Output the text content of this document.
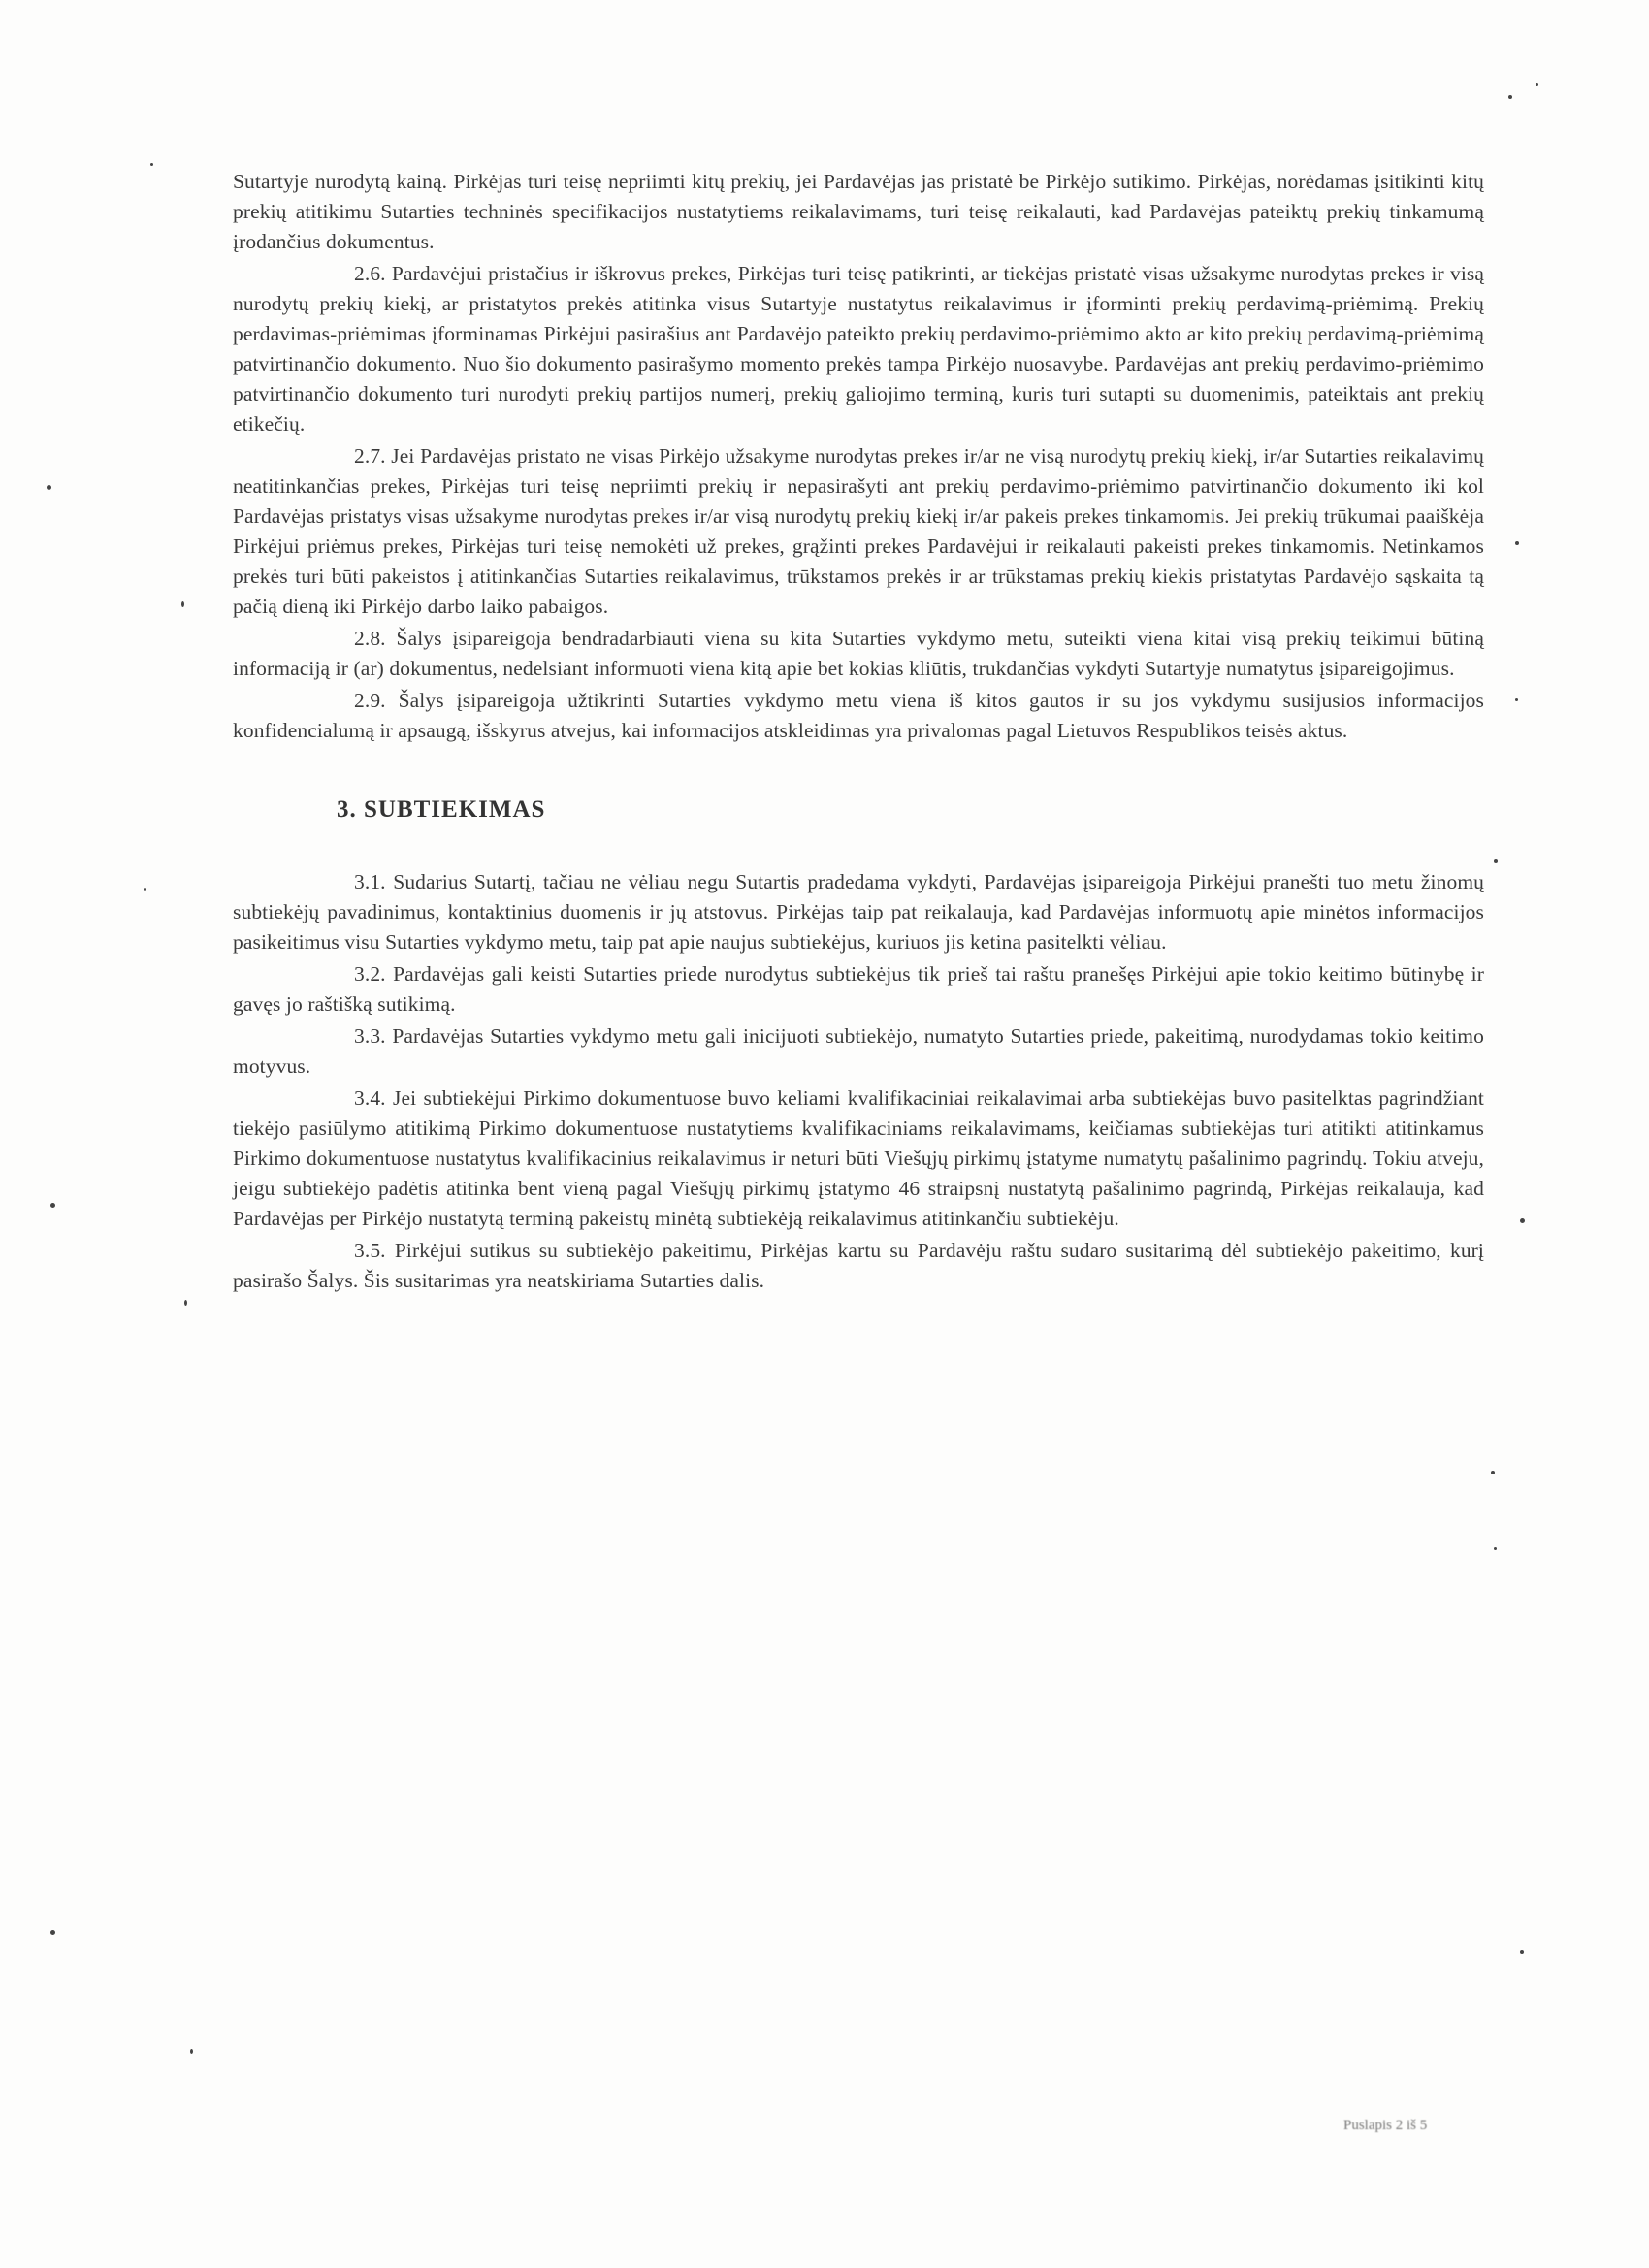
Sutartyje nurodytą kainą. Pirkėjas turi teisę nepriimti kitų prekių, jei Pardavėjas jas pristatė be Pirkėjo sutikimo. Pirkėjas, norėdamas įsitikinti kitų prekių atitikimu Sutarties techninės specifikacijos nustatytiems reikalavimams, turi teisę reikalauti, kad Pardavėjas pateiktų prekių tinkamumą įrodančius dokumentus.

2.6. Pardavėjui pristačius ir iškrovus prekes, Pirkėjas turi teisę patikrinti, ar tiekėjas pristatė visas užsakyme nurodytas prekes ir visą nurodytų prekių kiekį, ar pristatytos prekės atitinka visus Sutartyje nustatytus reikalavimus ir įforminti prekių perdavimą-priėmimą. Prekių perdavimas-priėmimas įforminamas Pirkėjui pasirašius ant Pardavėjo pateikto prekių perdavimo-priėmimo akto ar kito prekių perdavimą-priėmimą patvirtinančio dokumento. Nuo šio dokumento pasirašymo momento prekės tampa Pirkėjo nuosavybe. Pardavėjas ant prekių perdavimo-priėmimo patvirtinančio dokumento turi nurodyti prekių partijos numerį, prekių galiojimo terminą, kuris turi sutapti su duomenimis, pateiktais ant prekių etikečių.

2.7. Jei Pardavėjas pristato ne visas Pirkėjo užsakyme nurodytas prekes ir/ar ne visą nurodytų prekių kiekį, ir/ar Sutarties reikalavimų neatitinkančias prekes, Pirkėjas turi teisę nepriimti prekių ir nepasirašyti ant prekių perdavimo-priėmimo patvirtinančio dokumento iki kol Pardavėjas pristatys visas užsakyme nurodytas prekes ir/ar visą nurodytų prekių kiekį ir/ar pakeis prekes tinkamomis. Jei prekių trūkumai paaiškėja Pirkėjui priėmus prekes, Pirkėjas turi teisę nemokėti už prekes, grąžinti prekes Pardavėjui ir reikalauti pakeisti prekes tinkamomis. Netinkamos prekės turi būti pakeistos į atitinkančias Sutarties reikalavimus, trūkstamos prekės ir ar trūkstamas prekių kiekis pristatytas Pardavėjo sąskaita tą pačią dieną iki Pirkėjo darbo laiko pabaigos.

2.8. Šalys įsipareigoja bendradarbiauti viena su kita Sutarties vykdymo metu, suteikti viena kitai visą prekių teikimui būtiną informaciją ir (ar) dokumentus, nedelsiant informuoti viena kitą apie bet kokias kliūtis, trukdančias vykdyti Sutartyje numatytus įsipareigojimus.

2.9. Šalys įsipareigoja užtikrinti Sutarties vykdymo metu viena iš kitos gautos ir su jos vykdymu susijusios informacijos konfidencialumą ir apsaugą, išskyrus atvejus, kai informacijos atskleidimas yra privalomas pagal Lietuvos Respublikos teisės aktus.

3. SUBTIEKIMAS

3.1. Sudarius Sutartį, tačiau ne vėliau negu Sutartis pradedama vykdyti, Pardavėjas įsipareigoja Pirkėjui pranešti tuo metu žinomų subtiekėjų pavadinimus, kontaktinius duomenis ir jų atstovus. Pirkėjas taip pat reikalauja, kad Pardavėjas informuotų apie minėtos informacijos pasikeitimus visu Sutarties vykdymo metu, taip pat apie naujus subtiekėjus, kuriuos jis ketina pasitelkti vėliau.

3.2. Pardavėjas gali keisti Sutarties priede nurodytus subtiekėjus tik prieš tai raštu pranešęs Pirkėjui apie tokio keitimo būtinybę ir gavęs jo raštišką sutikimą.

3.3. Pardavėjas Sutarties vykdymo metu gali inicijuoti subtiekėjo, numatyto Sutarties priede, pakeitimą, nurodydamas tokio keitimo motyvus.

3.4. Jei subtiekėjui Pirkimo dokumentuose buvo keliami kvalifikaciniai reikalavimai arba subtiekėjas buvo pasitelktas pagrindžiant tiekėjo pasiūlymo atitikimą Pirkimo dokumentuose nustatytiems kvalifikaciniams reikalavimams, keičiamas subtiekėjas turi atitikti atitinkamus Pirkimo dokumentuose nustatytus kvalifikacinius reikalavimus ir neturi būti Viešųjų pirkimų įstatyme numatytų pašalinimo pagrindų. Tokiu atveju, jeigu subtiekėjo padėtis atitinka bent vieną pagal Viešųjų pirkimų įstatymo 46 straipsnį nustatytą pašalinimo pagrindą, Pirkėjas reikalauja, kad Pardavėjas per Pirkėjo nustatytą terminą pakeistų minėtą subtiekėją reikalavimus atitinkančiu subtiekėju.

3.5. Pirkėjui sutikus su subtiekėjo pakeitimu, Pirkėjas kartu su Pardavėju raštu sudaro susitarimą dėl subtiekėjo pakeitimo, kurį pasirašo Šalys. Šis susitarimas yra neatskiriama Sutarties dalis.

Puslapis 2 iš 5
